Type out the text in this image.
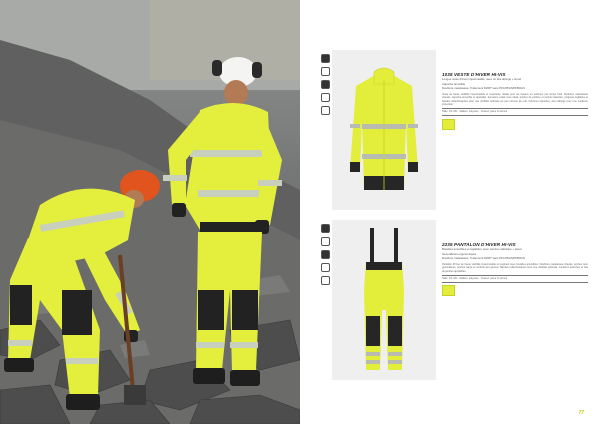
1035 VESTE D'HIVER HI-VIS
Longue veste d'hiver imperméable, avec un dos allongé + Hood
Capuche amovible
Doublure matelassée. Traitement DWR* sans PFC/PFAS/PFBOAS
Veste de haute visibilité imperméable et respirante, idéale pour les travaux en extérieur par temps froid. Doublure matelassée chaude, capuche amovible et ajustable, fermeture éclair sous rabat, poches de poitrine et poches latérales, poignets réglables et bandes réfléchissantes pour une visibilité optimale de jour comme de nuit. Coutures étanches, dos rallongé pour une meilleure protection.
Taille: XS–4XL · Matière: polyester · Couleur: jaune hi-vis/noir
2235 PANTALON D'HIVER HI-VIS
Bretelles amovibles et réglables, avec ceinture élastique + Hood
Genouillères ergonomiques
Doublure matelassée. Traitement DWR* sans PFC/PFAS/PFBOAS
Pantalon d'hiver de haute visibilité imperméable et respirant avec bretelles amovibles. Doublure matelassée chaude, poches pour genouillères, poches cargo et renforts aux genoux. Bandes réfléchissantes pour une visibilité optimale. Coutures étanches et bas de jambes ajustables.
Taille: XS–4XL · Matière: polyester · Couleur: jaune hi-vis/noir
77
